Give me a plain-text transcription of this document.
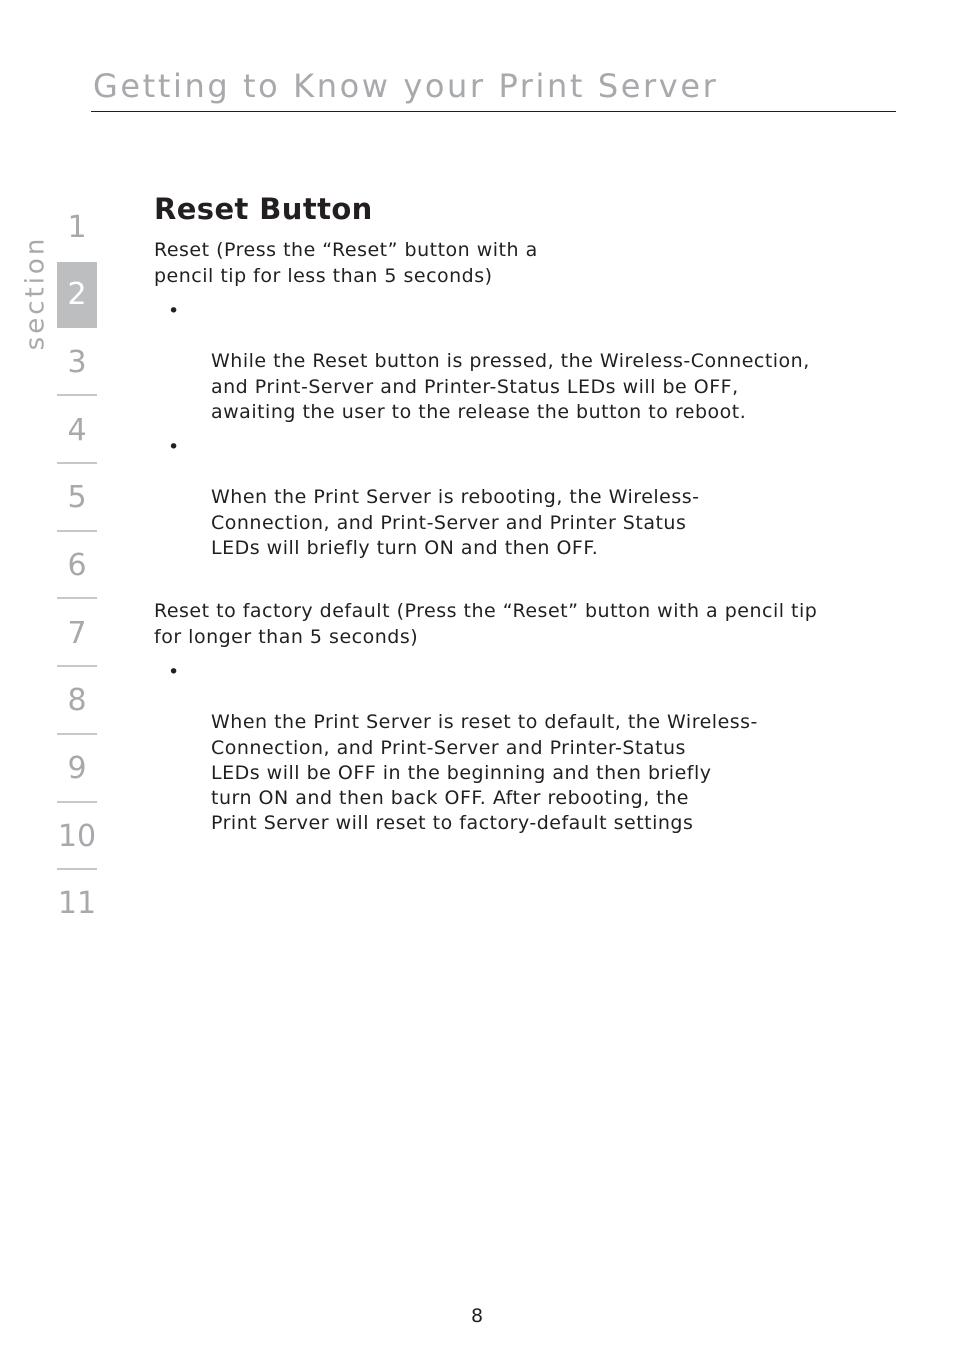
Getting to Know your Print Server
section
1
2
3
4
5
6
7
8
9
10
11
Reset Button

Reset (Press the “Reset” button with a
pencil tip for less than 5 seconds)

•

While the Reset button is pressed, the Wireless-Connection,
and Print-Server and Printer-Status LEDs will be OFF,
awaiting the user to the release the button to reboot.

•

When the Print Server is rebooting, the Wireless-
Connection, and Print-Server and Printer Status
LEDs will briefly turn ON and then OFF.

Reset to factory default (Press the “Reset” button with a pencil tip
for longer than 5 seconds)

•

When the Print Server is reset to default, the Wireless-
Connection, and Print-Server and Printer-Status
LEDs will be OFF in the beginning and then briefly
turn ON and then back OFF. After rebooting, the
Print Server will reset to factory-default settings

8
